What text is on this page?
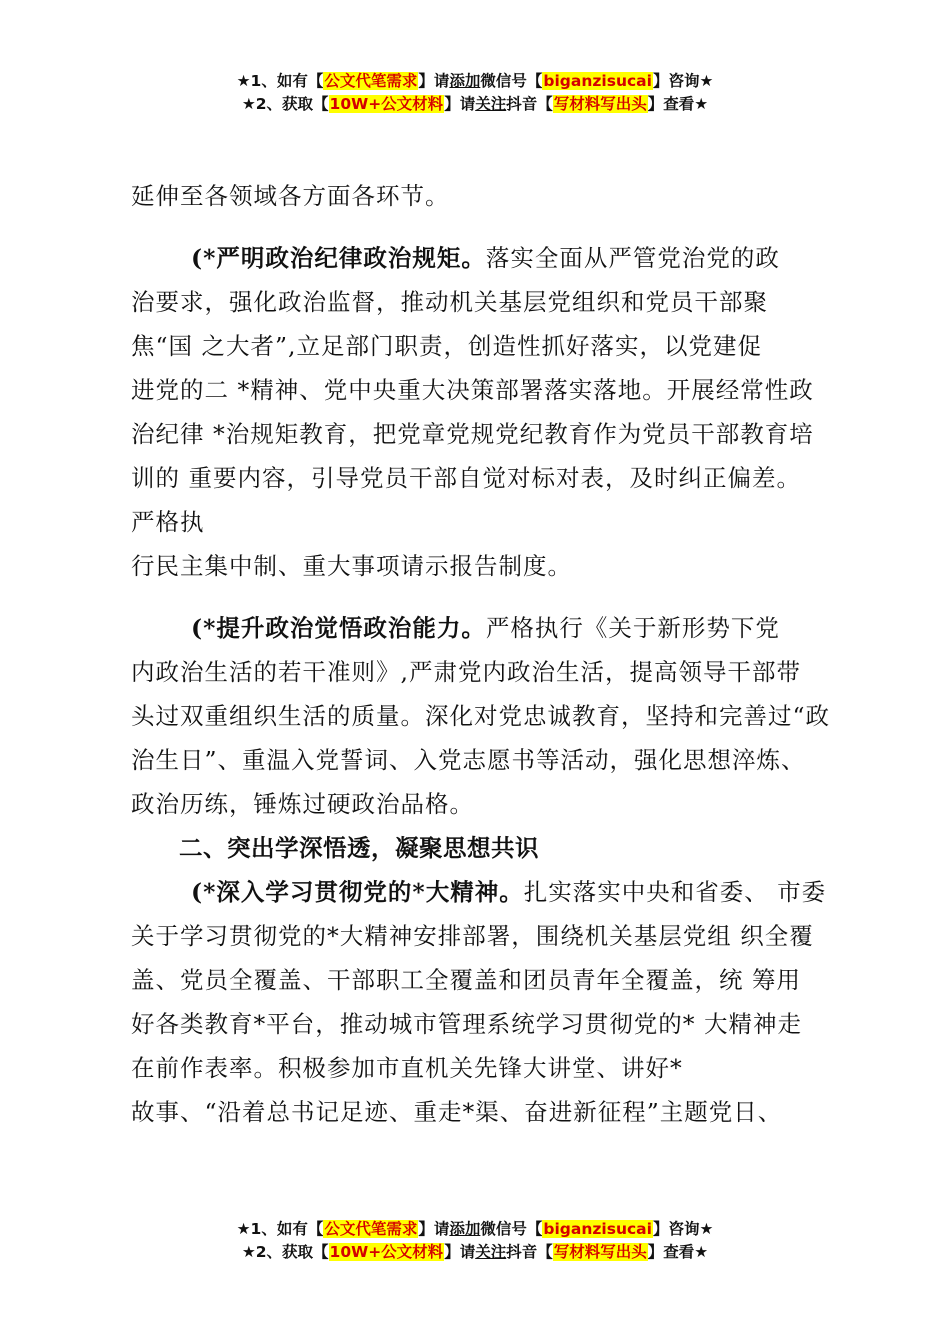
★1、如有【公文代笔需求】请添加微信号【biganzisucai】咨询★
★2、获取【10W+公文材料】请关注抖音【写材料写出头】查看★
延伸至各领域各方面各环节。
(*严明政治纪律政治规矩。落实全面从严管党治党的政
治要求，强化政治监督，推动机关基层党组织和党员干部聚
焦“国 之大者”,立足部门职责，创造性抓好落实，以党建促
进党的二 *精神、党中央重大决策部署落实落地。开展经常性政
治纪律 *治规矩教育，把党章党规党纪教育作为党员干部教育培
训的 重要内容，引导党员干部自觉对标对表，及时纠正偏差。
严格执
行民主集中制、重大事项请示报告制度。
(*提升政治觉悟政治能力。严格执行《关于新形势下党
内政治生活的若干准则》,严肃党内政治生活，提高领导干部带
头过双重组织生活的质量。深化对党忠诚教育，坚持和完善过“政
治生日”、重温入党誓词、入党志愿书等活动，强化思想淬炼、
政治历练，锤炼过硬政治品格。
二、突出学深悟透，凝聚思想共识
(*深入学习贯彻党的*大精神。扎实落实中央和省委、 市委
关于学习贯彻党的*大精神安排部署，围绕机关基层党组 织全覆
盖、党员全覆盖、干部职工全覆盖和团员青年全覆盖，统 筹用
好各类教育*平台，推动城市管理系统学习贯彻党的* 大精神走
在前作表率。积极参加市直机关先锋大讲堂、讲好*
故事、“沿着总书记足迹、重走*渠、奋进新征程”主题党日、
★1、如有【公文代笔需求】请添加微信号【biganzisucai】咨询★
★2、获取【10W+公文材料】请关注抖音【写材料写出头】查看★
